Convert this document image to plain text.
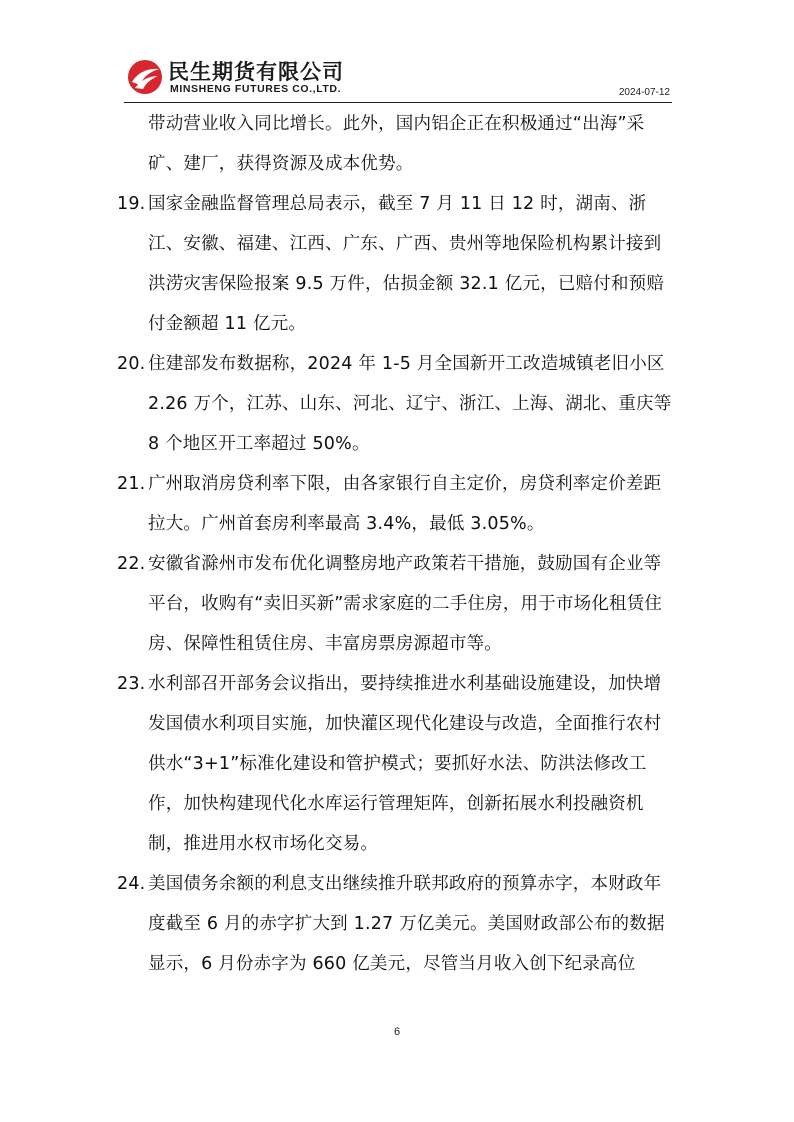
民生期货有限公司
MINSHENG FUTURES CO.,LTD.	2024-07-12

带动营业收入同比增长。此外，国内铝企正在积极通过“出海”采矿、建厂，获得资源及成本优势。

19. 国家金融监督管理总局表示，截至 7 月 11 日 12 时，湖南、浙江、安徽、福建、江西、广东、广西、贵州等地保险机构累计接到洪涝灾害保险报案 9.5 万件，估损金额 32.1 亿元，已赔付和预赔付金额超 11 亿元。

20. 住建部发布数据称，2024 年 1-5 月全国新开工改造城镇老旧小区 2.26 万个，江苏、山东、河北、辽宁、浙江、上海、湖北、重庆等 8 个地区开工率超过 50%。

21. 广州取消房贷利率下限，由各家银行自主定价，房贷利率定价差距拉大。广州首套房利率最高 3.4%，最低 3.05%。

22. 安徽省滁州市发布优化调整房地产政策若干措施，鼓励国有企业等平台，收购有“卖旧买新”需求家庭的二手住房，用于市场化租赁住房、保障性租赁住房、丰富房票房源超市等。

23. 水利部召开部务会议指出，要持续推进水利基础设施建设，加快增发国债水利项目实施，加快灌区现代化建设与改造，全面推行农村供水“3+1”标准化建设和管护模式；要抓好水法、防洪法修改工作，加快构建现代化水库运行管理矩阵，创新拓展水利投融资机制，推进用水权市场化交易。

24. 美国债务余额的利息支出继续推升联邦政府的预算赤字，本财政年度截至 6 月的赤字扩大到 1.27 万亿美元。美国财政部公布的数据显示，6 月份赤字为 660 亿美元，尽管当月收入创下纪录高位

6
